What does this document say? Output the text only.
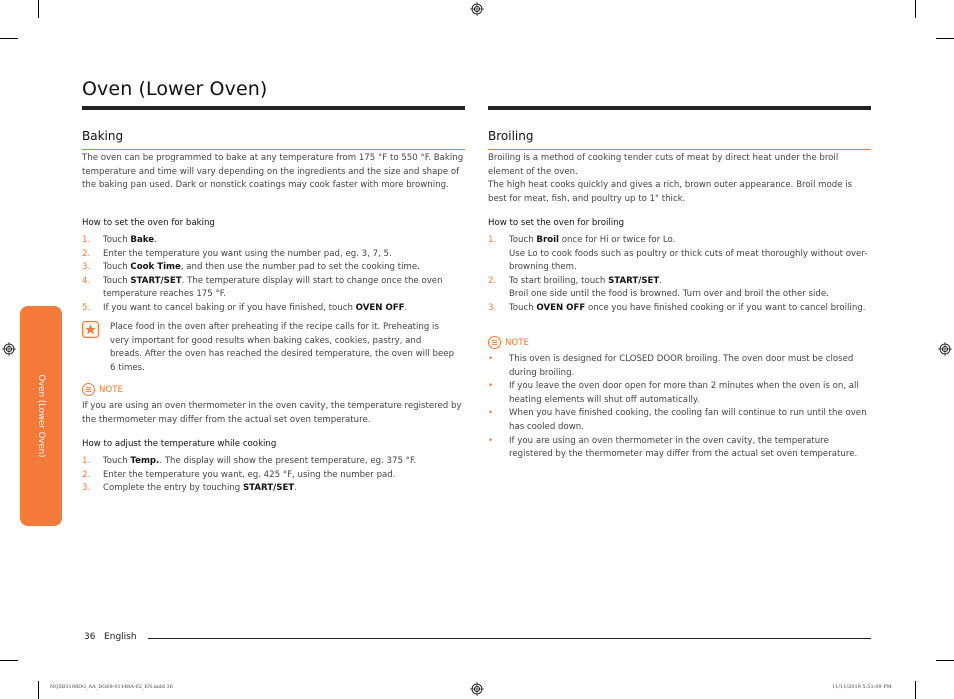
Oven (Lower Oven)
Baking

The oven can be programmed to bake at any temperature from 175 °F to 550 °F. Baking temperature and time will vary depending on the ingredients and the size and shape of the baking pan used. Dark or nonstick coatings may cook faster with more browning.

How to set the oven for baking
1. Touch Bake.
2. Enter the temperature you want using the number pad, eg. 3, 7, 5.
3. Touch Cook Time, and then use the number pad to set the cooking time.
4. Touch START/SET. The temperature display will start to change once the oven temperature reaches 175 °F.
5. If you want to cancel baking or if you have finished, touch OVEN OFF.

Place food in the oven after preheating if the recipe calls for it. Preheating is very important for good results when baking cakes, cookies, pastry, and breads. After the oven has reached the desired temperature, the oven will beep 6 times.

NOTE

If you are using an oven thermometer in the oven cavity, the temperature registered by the thermometer may differ from the actual set oven temperature.

How to adjust the temperature while cooking
1. Touch Temp.. The display will show the present temperature, eg. 375 °F.
2. Enter the temperature you want, eg. 425 °F, using the number pad.
3. Complete the entry by touching START/SET.
Broiling

Broiling is a method of cooking tender cuts of meat by direct heat under the broil element of the oven.

The high heat cooks quickly and gives a rich, brown outer appearance. Broil mode is best for meat, fish, and poultry up to 1" thick.

How to set the oven for broiling
1. Touch Broil once for Hi or twice for Lo.
Use Lo to cook foods such as poultry or thick cuts of meat thoroughly without over-browning them.
2. To start broiling, touch START/SET.
Broil one side until the food is browned. Turn over and broil the other side.
3. Touch OVEN OFF once you have finished cooking or if you want to cancel broiling.
NOTE
• This oven is designed for CLOSED DOOR broiling. The oven door must be closed during broiling.
• If you leave the oven door open for more than 2 minutes when the oven is on, all heating elements will shut off automatically.
• When you have finished cooking, the cooling fan will continue to run until the oven has cooled down.
• If you are using an oven thermometer in the oven cavity, the temperature registered by the thermometer may differ from the actual set oven temperature.
Oven (Lower Oven)
36 English
NQ5B3108DG_AA_DG68-01148A-02_EN.indd 36	11/11/2019 5:51:09 PM
